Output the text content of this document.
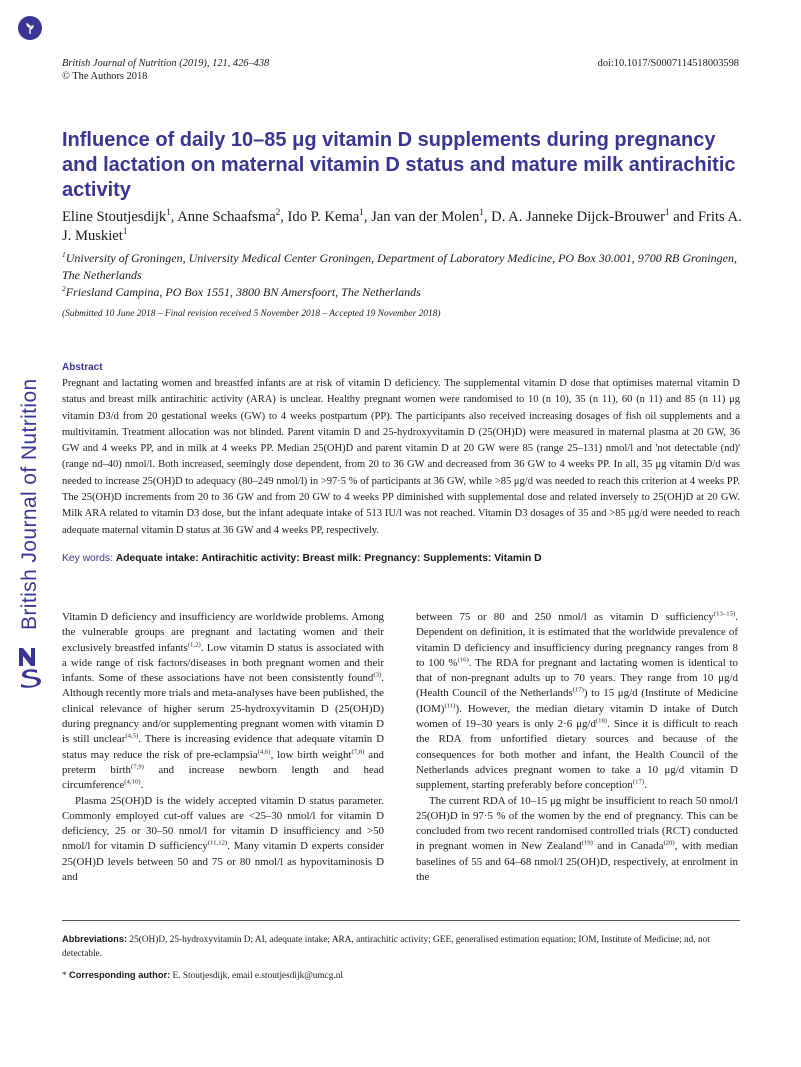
British Journal of Nutrition
British Journal of Nutrition (2019), 121, 426–438
© The Authors 2018
doi:10.1017/S0007114518003598
Influence of daily 10–85 μg vitamin D supplements during pregnancy and lactation on maternal vitamin D status and mature milk antirachitic activity
Eline Stoutjesdijk$^1$, Anne Schaafsma$^2$, Ido P. Kema$^1$, Jan van der Molen$^1$, D. A. Janneke Dijck-Brouwer$^1$ and Frits A. J. Muskiet$^1$
$^1$University of Groningen, University Medical Center Groningen, Department of Laboratory Medicine, PO Box 30.001, 9700 RB Groningen, The Netherlands
$^2$Friesland Campina, PO Box 1551, 3800 BN Amersfoort, The Netherlands
(Submitted 10 June 2018 – Final revision received 5 November 2018 – Accepted 19 November 2018)
Abstract
Pregnant and lactating women and breastfed infants are at risk of vitamin D deficiency. The supplemental vitamin D dose that optimises maternal vitamin D status and breast milk antirachitic activity (ARA) is unclear. Healthy pregnant women were randomised to 10 (n 10), 35 (n 11), 60 (n 11) and 85 (n 11) μg vitamin D3/d from 20 gestational weeks (GW) to 4 weeks postpartum (PP). The participants also received increasing dosages of fish oil supplements and a multivitamin. Treatment allocation was not blinded. Parent vitamin D and 25-hydroxyvitamin D (25(OH)D) were measured in maternal plasma at 20 GW, 36 GW and 4 weeks PP, and in milk at 4 weeks PP. Median 25(OH)D and parent vitamin D at 20 GW were 85 (range 25–131) nmol/l and 'not detectable (nd)' (range nd–40) nmol/l. Both increased, seemingly dose dependent, from 20 to 36 GW and decreased from 36 GW to 4 weeks PP. In all, 35 μg vitamin D/d was needed to increase 25(OH)D to adequacy (80–249 nmol/l) in >97·5 % of participants at 36 GW, while >85 μg/d was needed to reach this criterion at 4 weeks PP. The 25(OH)D increments from 20 to 36 GW and from 20 GW to 4 weeks PP diminished with supplemental dose and related inversely to 25(OH)D at 20 GW. Milk ARA related to vitamin D3 dose, but the infant adequate intake of 513 IU/l was not reached. Vitamin D3 dosages of 35 and >85 μg/d were needed to reach adequate maternal vitamin D status at 36 GW and 4 weeks PP, respectively.
Key words: Adequate intake: Antirachitic activity: Breast milk: Pregnancy: Supplements: Vitamin D

Vitamin D deficiency and insufficiency are worldwide problems. Among the vulnerable groups are pregnant and lactating women and their exclusively breastfed infants$^{(1,2)}$. Low vitamin D status is associated with a wide range of risk factors/diseases in both pregnant women and their infants. Some of these associations have not been consistently found$^{(3)}$. Although recently more trials and meta-analyses have been published, the clinical relevance of higher serum 25-hydroxyvitamin D (25(OH)D) during pregnancy and/or supplementing pregnant women with vitamin D is still unclear$^{(4,5)}$. There is increasing evidence that adequate vitamin D status may reduce the risk of pre-eclampsia$^{(4,6)}$, low birth weight$^{(7,8)}$ and preterm birth$^{(7,9)}$ and increase newborn length and head circumference$^{(4,10)}$.

Plasma 25(OH)D is the widely accepted vitamin D status parameter. Commonly employed cut-off values are <25–30 nmol/l for vitamin D deficiency, 25 or 30–50 nmol/l for vitamin D insufficiency and >50 nmol/l for vitamin D sufficiency$^{(11,12)}$. Many vitamin D experts consider 25(OH)D levels between 50 and 75 or 80 nmol/l as hypovitaminosis D and

between 75 or 80 and 250 nmol/l as vitamin D sufficiency$^{(13-15)}$. Dependent on definition, it is estimated that the worldwide prevalence of vitamin D deficiency and insufficiency during pregnancy ranges from 8 to 100 %$^{(16)}$. The RDA for pregnant and lactating women is identical to that of non-pregnant adults up to 70 years. They range from 10 μg/d (Health Council of the Netherlands$^{(17)}$) to 15 μg/d (Institute of Medicine (IOM)$^{(11)}$). However, the median dietary vitamin D intake of Dutch women of 19–30 years is only 2·6 $\mu g/d^{(18)}$. Since it is difficult to reach the RDA from unfortified dietary sources and because of the consequences for both mother and infant, the Health Council of the Netherlands advices pregnant women to take a 10 μg/d vitamin D supplement, starting preferably before conception$^{(17)}$.

The current RDA of 10–15 μg might be insufficient to reach 50 nmol/l 25(OH)D in 97·5 % of the women by the end of pregnancy. This can be concluded from two recent randomised controlled trials (RCT) conducted in pregnant women in New Zealand$^{(19)}$ and in Canada$^{(20)}$, with median baselines of 55 and 64–68 nmol/l 25(OH)D, respectively, at enrolment in the

Abbreviations: 25(OH)D, 25-hydroxyvitamin D; AI, adequate intake; ARA, antirachitic activity; GEE, generalised estimation equation; IOM, Institute of Medicine; nd, not detectable.
* Corresponding author: E. Stoutjesdijk, email e.stoutjesdijk@umcg.nl
